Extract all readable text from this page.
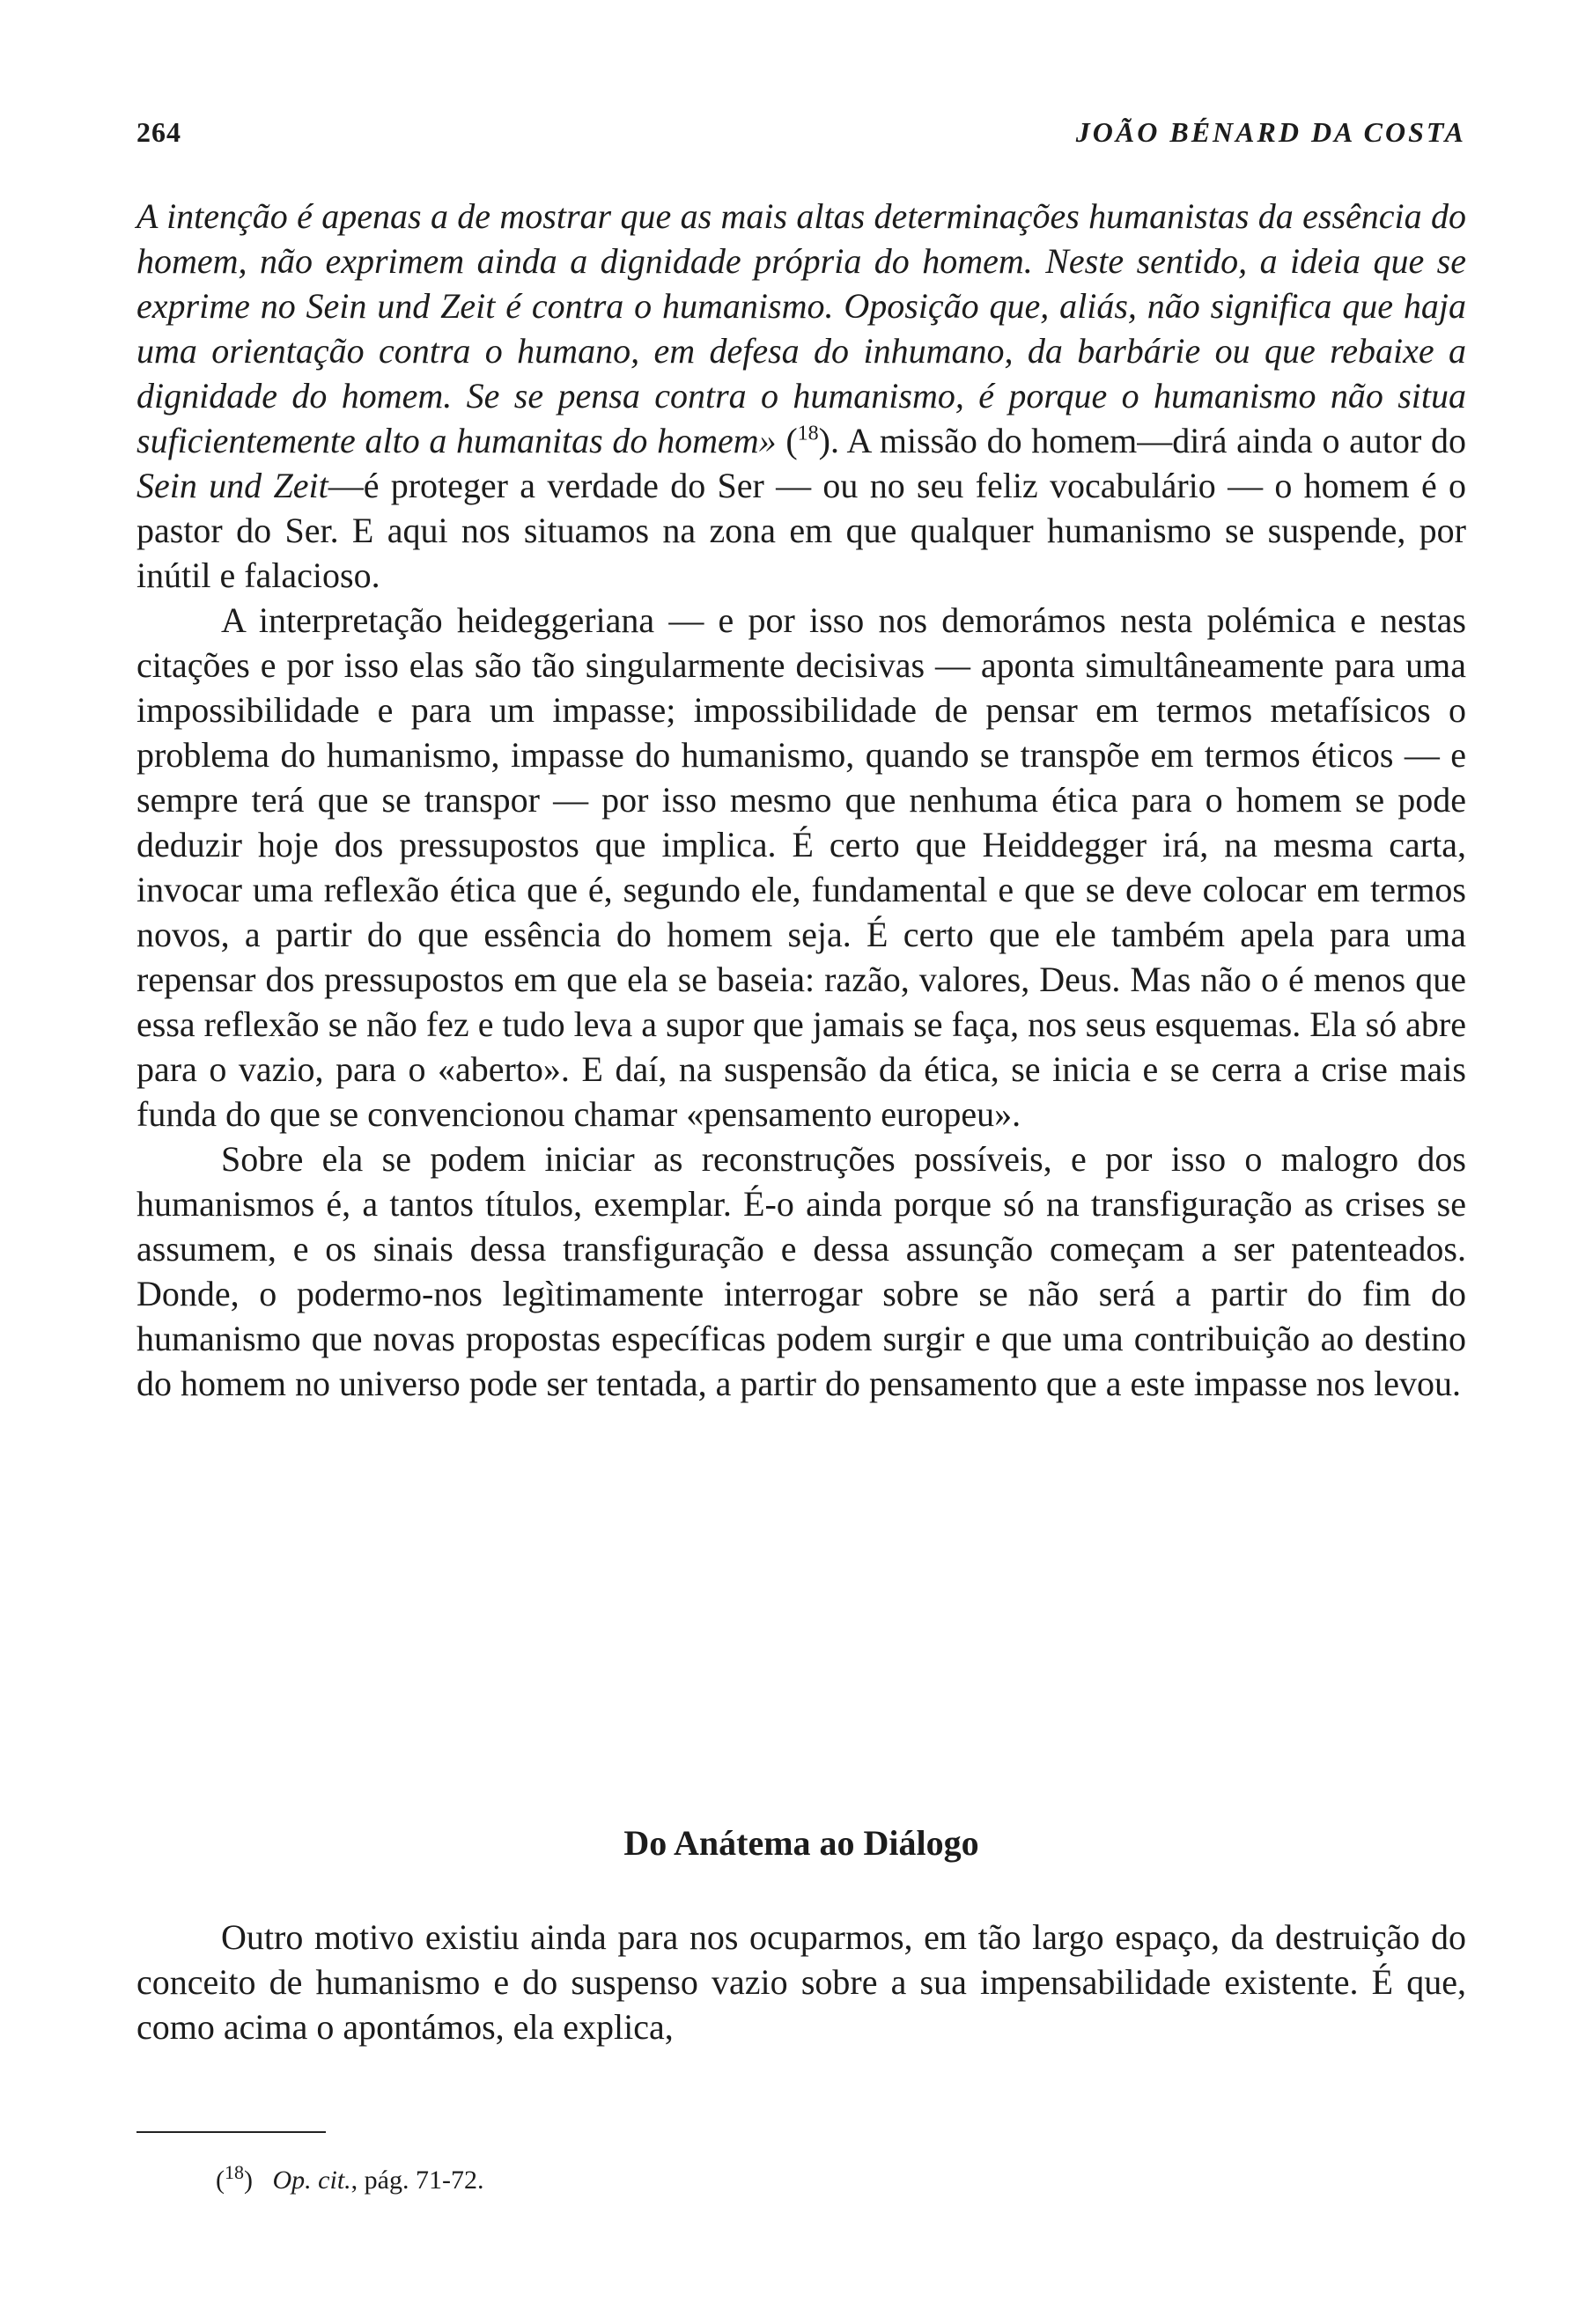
264	JOÃO BÉNARD DA COSTA

A intenção é apenas a de mostrar que as mais altas determinações humanistas da essência do homem, não exprimem ainda a dignidade própria do homem. Neste sentido, a ideia que se exprime no Sein und Zeit é contra o humanismo. Oposição que, aliás, não significa que haja uma orientação contra o humano, em defesa do inhumano, da barbárie ou que rebaixe a dignidade do homem. Se se pensa contra o humanismo, é porque o humanismo não situa suficientemente alto a humanitas do homem» ($^{18}$). A missão do homem—dirá ainda o autor do Sein und Zeit—é proteger a verdade do Ser — ou no seu feliz vocabulário — o homem é o pastor do Ser. E aqui nos situamos na zona em que qualquer humanismo se suspende, por inútil e falacioso.

A interpretação heideggeriana — e por isso nos demorámos nesta polémica e nestas citações e por isso elas são tão singularmente decisivas — aponta simultâneamente para uma impossibilidade e para um impasse; impossibilidade de pensar em termos metafísicos o problema do humanismo, impasse do humanismo, quando se transpõe em termos éticos — e sempre terá que se transpor — por isso mesmo que nenhuma ética para o homem se pode deduzir hoje dos pressupostos que implica. É certo que Heiddegger irá, na mesma carta, invocar uma reflexão ética que é, segundo ele, fundamental e que se deve colocar em termos novos, a partir do que essência do homem seja. É certo que ele também apela para uma repensar dos pressupostos em que ela se baseia: razão, valores, Deus. Mas não o é menos que essa reflexão se não fez e tudo leva a supor que jamais se faça, nos seus esquemas. Ela só abre para o vazio, para o «aberto». E daí, na suspensão da ética, se inicia e se cerra a crise mais funda do que se convencionou chamar «pensamento europeu».

Sobre ela se podem iniciar as reconstruções possíveis, e por isso o malogro dos humanismos é, a tantos títulos, exemplar. É-o ainda porque só na transfiguração as crises se assumem, e os sinais dessa transfiguração e dessa assunção começam a ser patenteados. Donde, o podermo-nos legìtimamente interrogar sobre se não será a partir do fim do humanismo que novas propostas específicas podem surgir e que uma contribuição ao destino do homem no universo pode ser tentada, a partir do pensamento que a este impasse nos levou.

Do Anátema ao Diálogo

Outro motivo existiu ainda para nos ocuparmos, em tão largo espaço, da destruição do conceito de humanismo e do suspenso vazio sobre a sua impensabilidade existente. É que, como acima o apontámos, ela explica,

($^{18}$)   Op. cit., pág. 71-72.
